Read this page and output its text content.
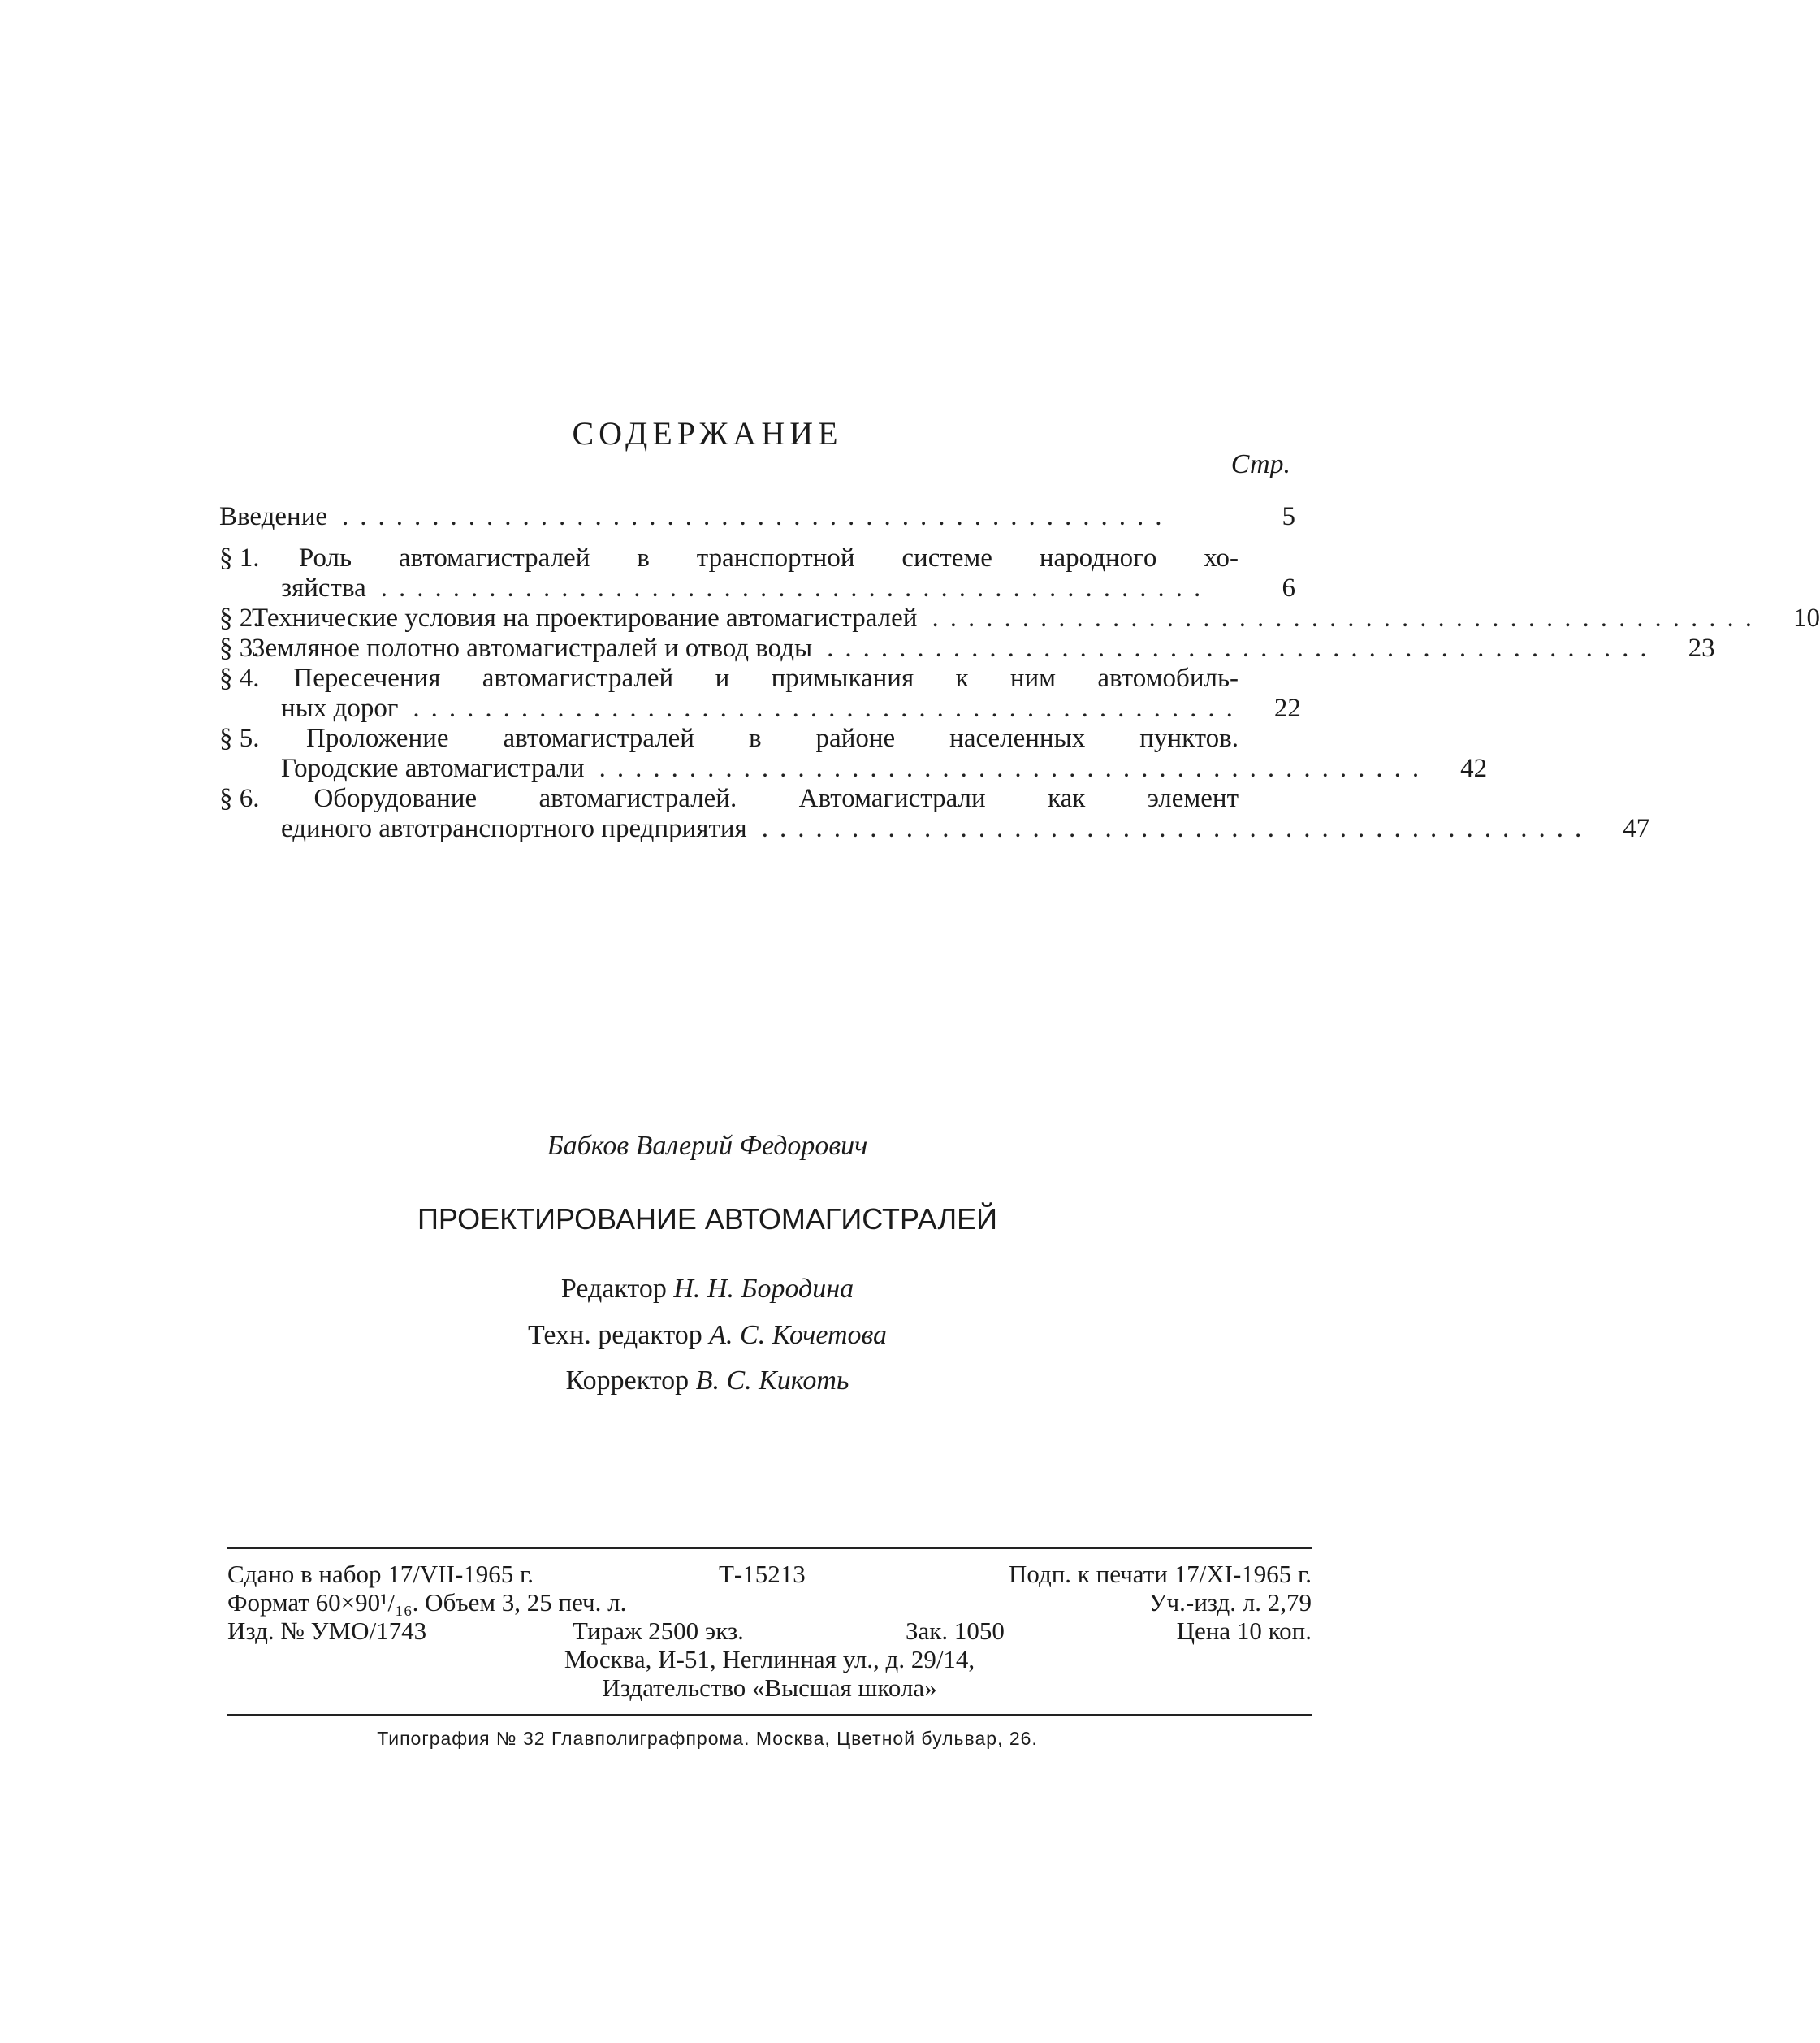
СОДЕРЖАНИЕ
Стр.
Введение ..............................................	5
§ 1. Роль автомагистралей в транспортной системе народного хо-
зяйства ..............................................	6
§ 2.
Технические условия на проектирование автомагистралей ..............................................	10
§ 3.
Земляное полотно автомагистралей и отвод воды ..............................................	23
§ 4. Пересечения автомагистралей и примыкания к ним автомобиль-
ных дорог ..............................................	22
§ 5. Проложение автомагистралей в районе населенных пунктов.
Городские автомагистрали ..............................................	42
§ 6. Оборудование автомагистралей. Автомагистрали как элемент
единого автотранспортного предприятия ..............................................	47
Бабков Валерий Федорович
ПРОЕКТИРОВАНИЕ АВТОМАГИСТРАЛЕЙ
Редактор Н. Н. Бородина
Техн. редактор А. С. Кочетова
Корректор В. С. Кикоть
Сдано в набор 17/VII-1965 г.	Т-15213	Подп. к печати 17/XI-1965 г.
Формат 60×90¹/₁₆. Объем 3, 25 печ. л.	Уч.-изд. л. 2,79
Изд. № УМО/1743	Тираж 2500 экз.	Зак. 1050	Цена 10 коп.
Москва, И-51, Неглинная ул., д. 29/14,
Издательство «Высшая школа»
Типография № 32 Главполиграфпрома. Москва, Цветной бульвар, 26.
